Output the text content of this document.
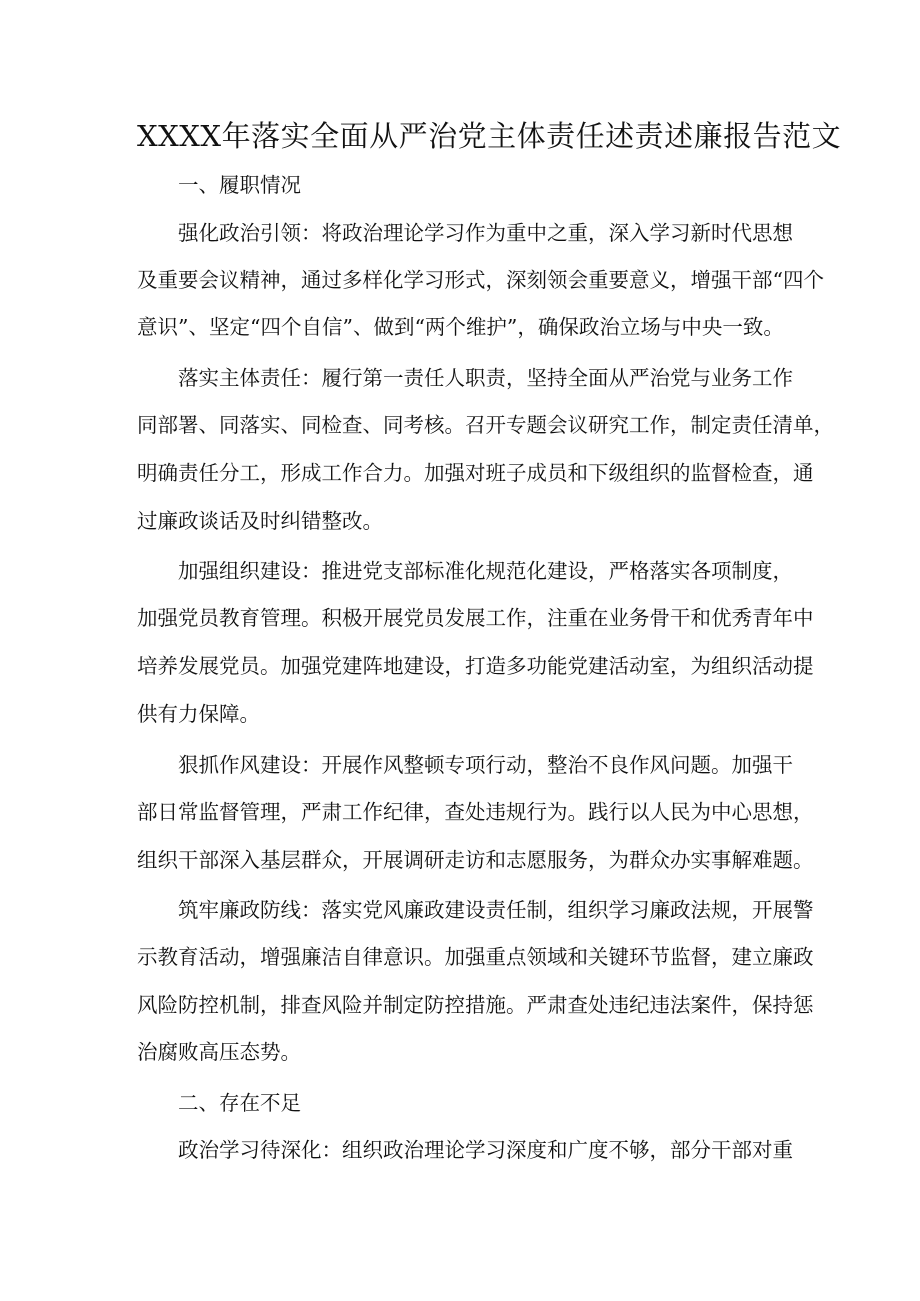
XXXX年落实全面从严治党主体责任述责述廉报告范文

一、履职情况

强化政治引领：将政治理论学习作为重中之重，深入学习新时代思想

及重要会议精神，通过多样化学习形式，深刻领会重要意义，增强干部“四个

意识”、坚定“四个自信”、做到“两个维护”，确保政治立场与中央一致。

落实主体责任：履行第一责任人职责，坚持全面从严治党与业务工作

同部署、同落实、同检查、同考核。召开专题会议研究工作，制定责任清单，

明确责任分工，形成工作合力。加强对班子成员和下级组织的监督检查，通

过廉政谈话及时纠错整改。

加强组织建设：推进党支部标准化规范化建设，严格落实各项制度，

加强党员教育管理。积极开展党员发展工作，注重在业务骨干和优秀青年中

培养发展党员。加强党建阵地建设，打造多功能党建活动室，为组织活动提

供有力保障。

狠抓作风建设：开展作风整顿专项行动，整治不良作风问题。加强干

部日常监督管理，严肃工作纪律，查处违规行为。践行以人民为中心思想，

组织干部深入基层群众，开展调研走访和志愿服务，为群众办实事解难题。

筑牢廉政防线：落实党风廉政建设责任制，组织学习廉政法规，开展警

示教育活动，增强廉洁自律意识。加强重点领域和关键环节监督，建立廉政

风险防控机制，排查风险并制定防控措施。严肃查处违纪违法案件，保持惩

治腐败高压态势。

二、存在不足

政治学习待深化：组织政治理论学习深度和广度不够，部分干部对重
